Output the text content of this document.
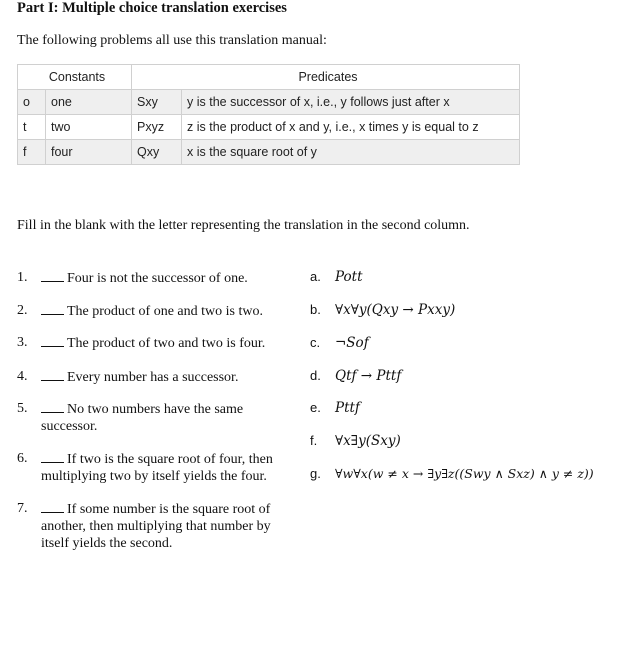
Part I: Multiple choice translation exercises
The following problems all use this translation manual:
Constants		Predicates	
o	one	Sxy	y is the successor of x, i.e., y follows just after x
t	two	Pxyz	z is the product of x and y, i.e., x times y is equal to z
f	four	Qxy	x is the square root of y
Fill in the blank with the letter representing the translation in the second column.
1.	Four is not the successor of one.
2.	The product of one and two is two.
3.	The product of two and two is four.
4.	Every number has a successor.
5.	No two numbers have the same successor.
6.	If two is the square root of four, then multiplying two by itself yields the four.
7.	If some number is the square root of another, then multiplying that number by itself yields the second.
a. Pott
b. ∀x∀y(Qxy → Pxxy)
c. ¬Sof
d. Qtf → Pttf
e. Pttf
f. ∀x∃y(Sxy)
g. ∀w∀x(w ≠ x → ∃y∃z((Swy ∧ Sxz) ∧ y ≠ z))
